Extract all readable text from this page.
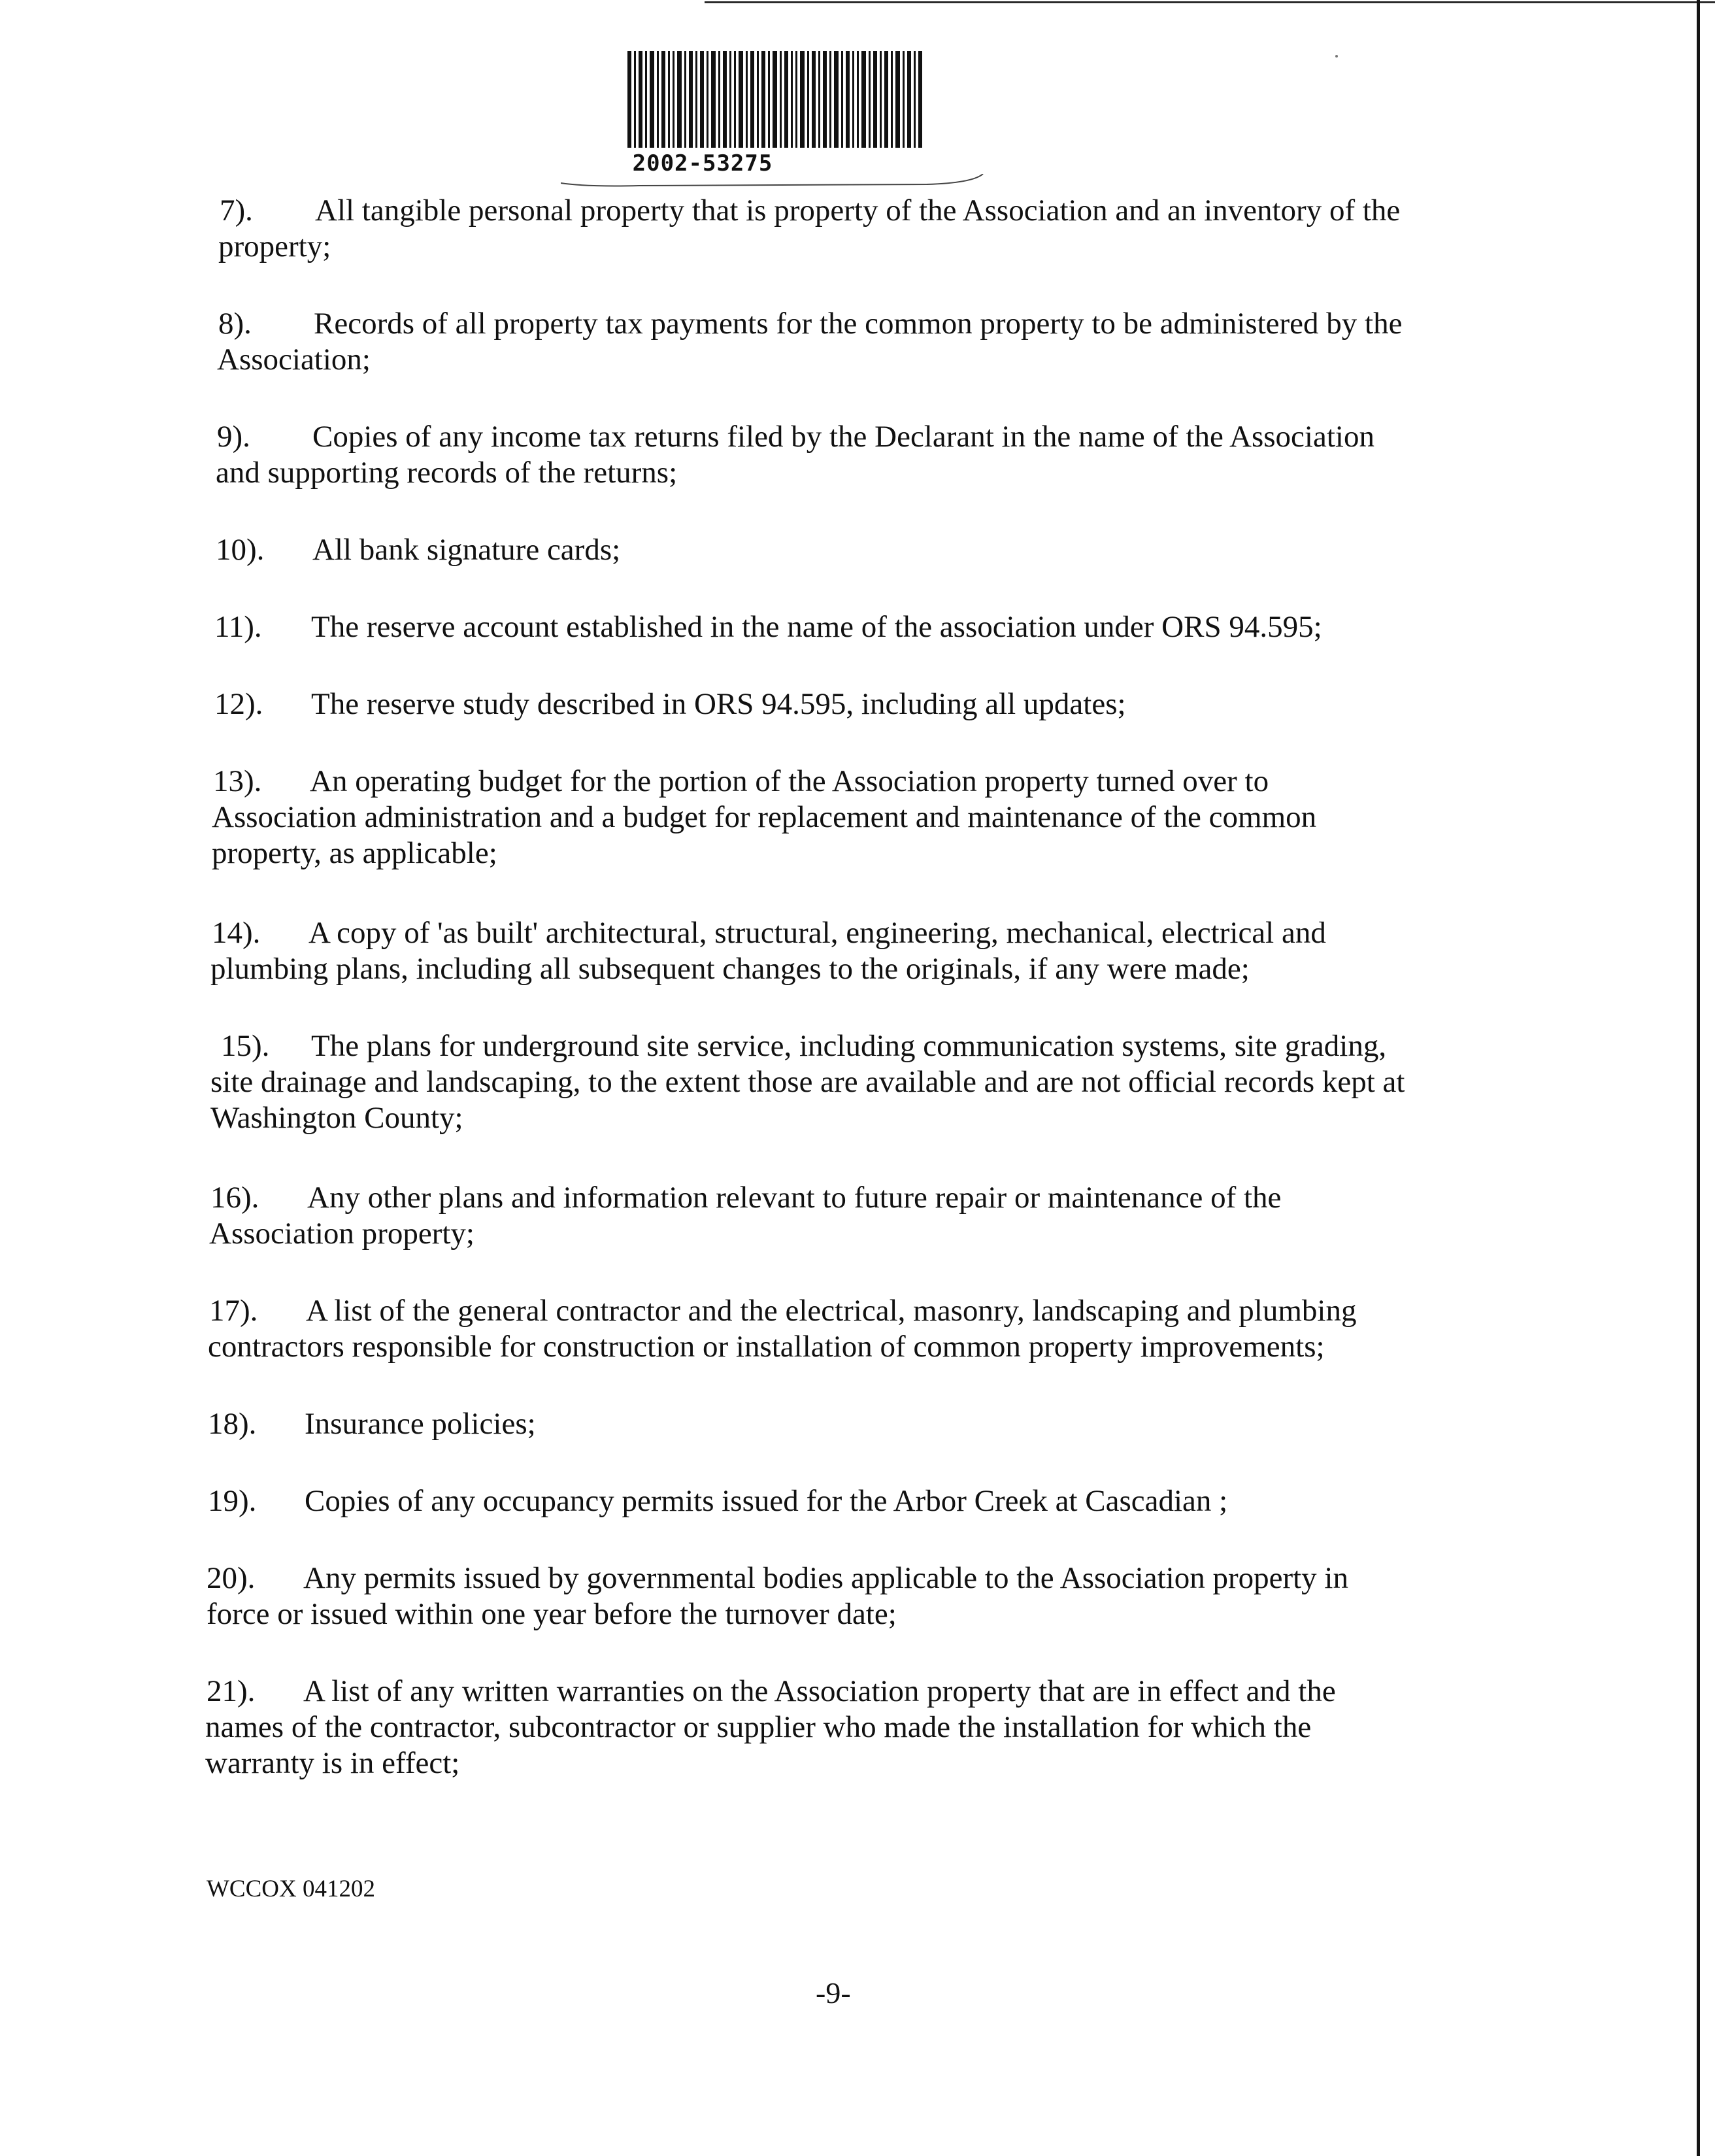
2002-53275
7). All tangible personal property that is property of the Association and an inventory of the
property;
8). Records of all property tax payments for the common property to be administered by the
Association;
9). Copies of any income tax returns filed by the Declarant in the name of the Association
and supporting records of the returns;
10). All bank signature cards;
11). The reserve account established in the name of the association under ORS 94.595;
12). The reserve study described in ORS 94.595, including all updates;
13). An operating budget for the portion of the Association property turned over to
Association administration and a budget for replacement and maintenance of the common
property, as applicable;
14). A copy of 'as built' architectural, structural, engineering, mechanical, electrical and
plumbing plans, including all subsequent changes to the originals, if any were made;
15). The plans for underground site service, including communication systems, site grading,
site drainage and landscaping, to the extent those are available and are not official records kept at
Washington County;
16). Any other plans and information relevant to future repair or maintenance of the
Association property;
17). A list of the general contractor and the electrical, masonry, landscaping and plumbing
contractors responsible for construction or installation of common property improvements;
18). Insurance policies;
19). Copies of any occupancy permits issued for the Arbor Creek at Cascadian ;
20). Any permits issued by governmental bodies applicable to the Association property in
force or issued within one year before the turnover date;
21). A list of any written warranties on the Association property that are in effect and the
names of the contractor, subcontractor or supplier who made the installation for which the
warranty is in effect;
WCCOX 041202
-9-
